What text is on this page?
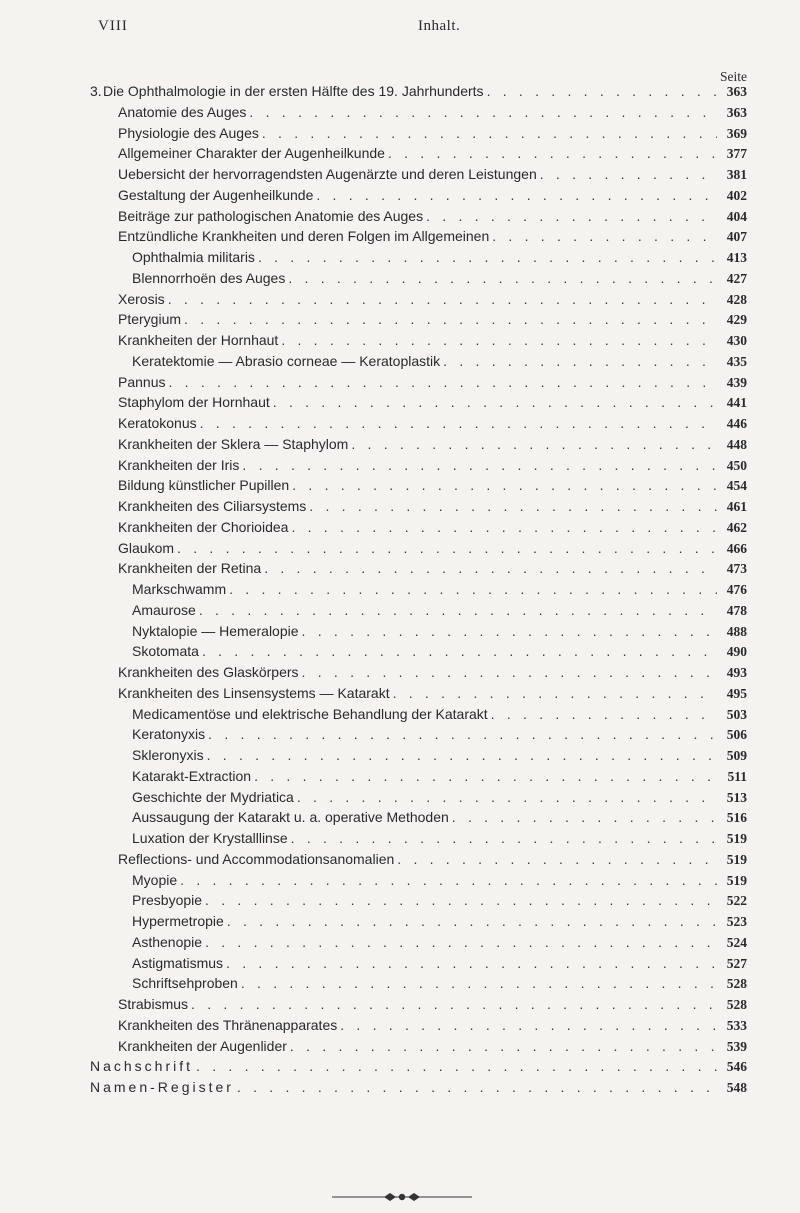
VIII	Inhalt.
Seite
3. Die Ophthalmologie in der ersten Hälfte des 19. Jahrhunderts . . .	363
Anatomie des Auges . . .	363
Physiologie des Auges . . .	369
Allgemeiner Charakter der Augenheilkunde . . .	377
Uebersicht der hervorragendsten Augenärzte und deren Leistungen . . .	381
Gestaltung der Augenheilkunde . . .	402
Beiträge zur pathologischen Anatomie des Auges . . .	404
Entzündliche Krankheiten und deren Folgen im Allgemeinen . . .	407
Ophthalmia militaris . . .	413
Blennorrhoën des Auges . . .	427
Xerosis . . .	428
Pterygium . . .	429
Krankheiten der Hornhaut . . .	430
Keratektomie — Abrasio corneae — Keratoplastik . . .	435
Pannus . . .	439
Staphylom der Hornhaut . . .	441
Keratokonus . . .	446
Krankheiten der Sklera — Staphylom . . .	448
Krankheiten der Iris . . .	450
Bildung künstlicher Pupillen . . .	454
Krankheiten des Ciliarsystems . . .	461
Krankheiten der Chorioidea . . .	462
Glaukom . . .	466
Krankheiten der Retina . . .	473
Markschwamm . . .	476
Amaurose . . .	478
Nyktalopie — Hemeralopie . . .	488
Skotomata . . .	490
Krankheiten des Glaskörpers . . .	493
Krankheiten des Linsensystems — Katarakt . . .	495
Medicamentöse und elektrische Behandlung der Katarakt . . .	503
Keratonyxis . . .	506
Skleronyxis . . .	509
Katarakt-Extraction . . .	511
Geschichte der Mydriatica . . .	513
Aussaugung der Katarakt u. a. operative Methoden . . .	516
Luxation der Krystalllinse . . .	519
Reflections- und Accommodationsanomalien . . .	519
Myopie . . .	519
Presbyopie . . .	522
Hypermetropie . . .	523
Asthenopie . . .	524
Astigmatismus . . .	527
Schriftsehproben . . .	528
Strabismus . . .	528
Krankheiten des Thränenapparates . . .	533
Krankheiten der Augenlider . . .	539
Nachschrift . . .	546
Namen-Register . . .	548
